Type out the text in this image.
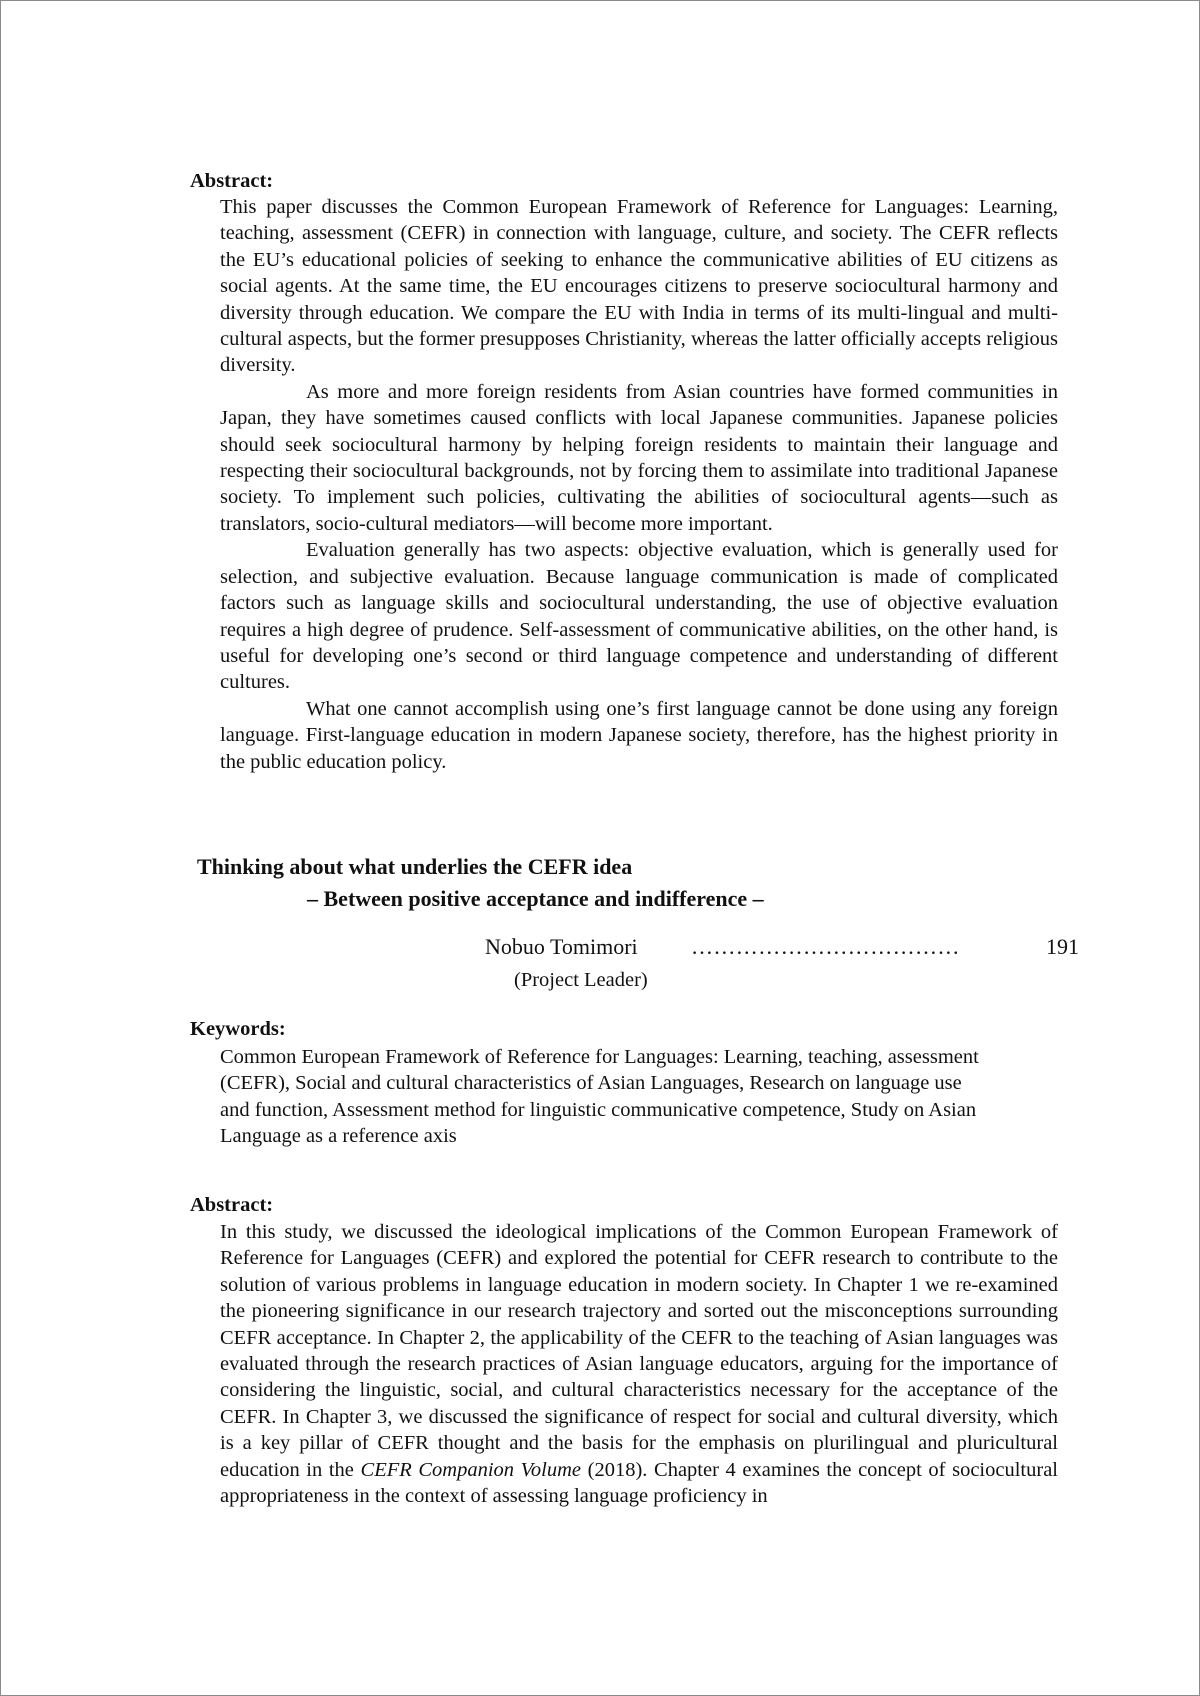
Abstract:

This paper discusses the Common European Framework of Reference for Languages: Learning, teaching, assessment (CEFR) in connection with language, culture, and society. The CEFR reflects the EU’s educational policies of seeking to enhance the communicative abilities of EU citizens as social agents. At the same time, the EU encourages citizens to preserve sociocultural harmony and diversity through education. We compare the EU with India in terms of its multi-lingual and multi-cultural aspects, but the former presupposes Christianity, whereas the latter officially accepts religious diversity.

As more and more foreign residents from Asian countries have formed communities in Japan, they have sometimes caused conflicts with local Japanese communities. Japanese policies should seek sociocultural harmony by helping foreign residents to maintain their language and respecting their sociocultural backgrounds, not by forcing them to assimilate into traditional Japanese society. To implement such policies, cultivating the abilities of sociocultural agents—such as translators, socio-cultural mediators—will become more important.

Evaluation generally has two aspects: objective evaluation, which is generally used for selection, and subjective evaluation. Because language communication is made of complicated factors such as language skills and sociocultural understanding, the use of objective evaluation requires a high degree of prudence. Self-assessment of communicative abilities, on the other hand, is useful for developing one’s second or third language competence and understanding of different cultures.

What one cannot accomplish using one’s first language cannot be done using any foreign language. First-language education in modern Japanese society, therefore, has the highest priority in the public education policy.

Thinking about what underlies the CEFR idea
– Between positive acceptance and indifference –
Nobuo Tomimori ………………………………	191
(Project Leader)
Keywords:
Common European Framework of Reference for Languages: Learning, teaching, assessment
(CEFR), Social and cultural characteristics of Asian Languages, Research on language use
and function, Assessment method for linguistic communicative competence, Study on Asian
Language as a reference axis
Abstract:

In this study, we discussed the ideological implications of the Common European Framework of Reference for Languages (CEFR) and explored the potential for CEFR research to contribute to the solution of various problems in language education in modern society. In Chapter 1 we re-examined the pioneering significance in our research trajectory and sorted out the misconceptions surrounding CEFR acceptance. In Chapter 2, the applicability of the CEFR to the teaching of Asian languages was evaluated through the research practices of Asian language educators, arguing for the importance of considering the linguistic, social, and cultural characteristics necessary for the acceptance of the CEFR. In Chapter 3, we discussed the significance of respect for social and cultural diversity, which is a key pillar of CEFR thought and the basis for the emphasis on plurilingual and pluricultural education in the CEFR Companion Volume (2018). Chapter 4 examines the concept of sociocultural appropriateness in the context of assessing language proficiency in
